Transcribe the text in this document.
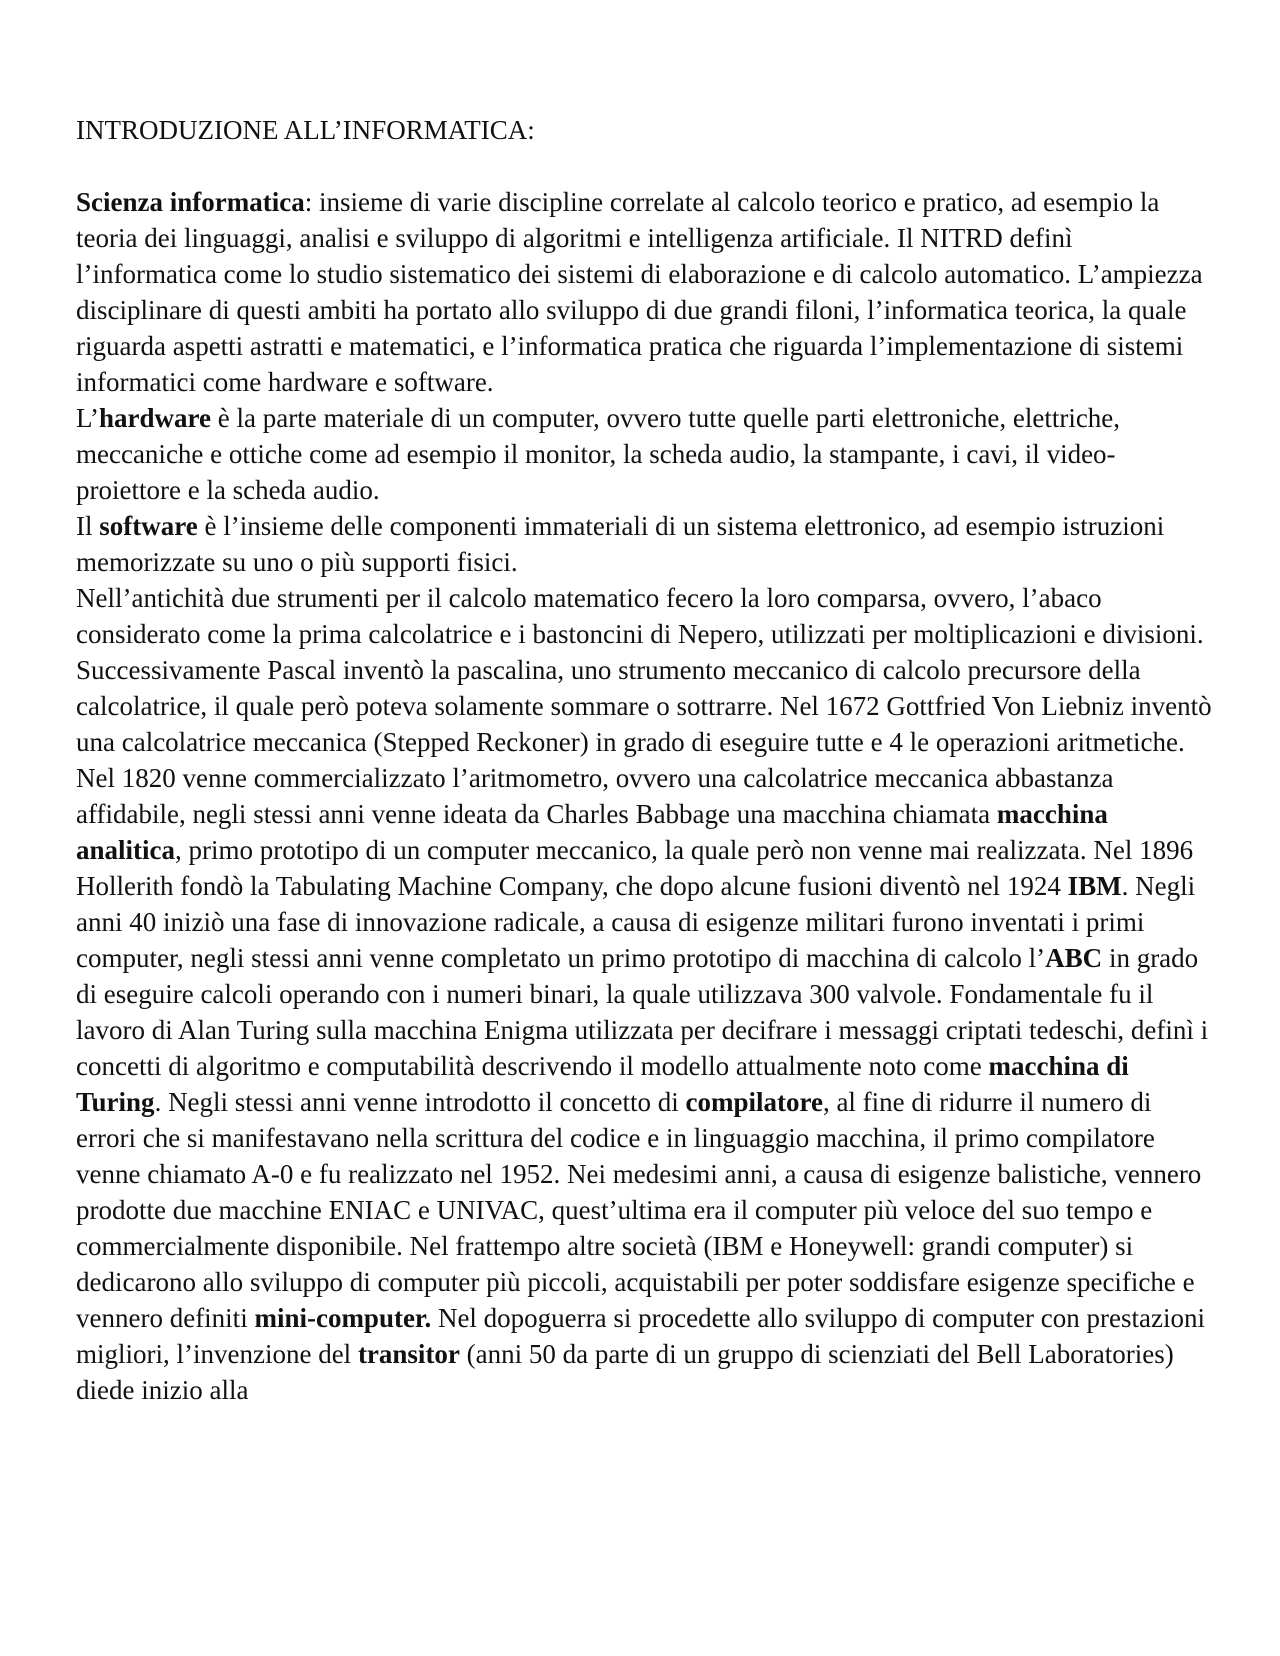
INTRODUZIONE ALL’INFORMATICA:

Scienza informatica: insieme di varie discipline correlate al calcolo teorico e pratico, ad esempio la teoria dei linguaggi, analisi e sviluppo di algoritmi e intelligenza artificiale. Il NITRD definì l’informatica come lo studio sistematico dei sistemi di elaborazione e di calcolo automatico. L’ampiezza disciplinare di questi ambiti ha portato allo sviluppo di due grandi filoni, l’informatica teorica, la quale riguarda aspetti astratti e matematici, e l’informatica pratica che riguarda l’implementazione di sistemi informatici come hardware e software.

L’hardware è la parte materiale di un computer, ovvero tutte quelle parti elettroniche, elettriche, meccaniche e ottiche come ad esempio il monitor, la scheda audio, la stampante, i cavi, il video-proiettore e la scheda audio.

Il software è l’insieme delle componenti immateriali di un sistema elettronico, ad esempio istruzioni memorizzate su uno o più supporti fisici.

Nell’antichità due strumenti per il calcolo matematico fecero la loro comparsa, ovvero, l’abaco considerato come la prima calcolatrice e i bastoncini di Nepero, utilizzati per moltiplicazioni e divisioni. Successivamente Pascal inventò la pascalina, uno strumento meccanico di calcolo precursore della calcolatrice, il quale però poteva solamente sommare o sottrarre. Nel 1672 Gottfried Von Liebniz inventò una calcolatrice meccanica (Stepped Reckoner) in grado di eseguire tutte e 4 le operazioni aritmetiche. Nel 1820 venne commercializzato l’aritmometro, ovvero una calcolatrice meccanica abbastanza affidabile, negli stessi anni venne ideata da Charles Babbage una macchina chiamata macchina analitica, primo prototipo di un computer meccanico, la quale però non venne mai realizzata. Nel 1896 Hollerith fondò la Tabulating Machine Company, che dopo alcune fusioni diventò nel 1924 IBM. Negli anni 40 iniziò una fase di innovazione radicale, a causa di esigenze militari furono inventati i primi computer, negli stessi anni venne completato un primo prototipo di macchina di calcolo l’ABC in grado di eseguire calcoli operando con i numeri binari, la quale utilizzava 300 valvole. Fondamentale fu il lavoro di Alan Turing sulla macchina Enigma utilizzata per decifrare i messaggi criptati tedeschi, definì i concetti di algoritmo e computabilità descrivendo il modello attualmente noto come macchina di Turing. Negli stessi anni venne introdotto il concetto di compilatore, al fine di ridurre il numero di errori che si manifestavano nella scrittura del codice e in linguaggio macchina, il primo compilatore venne chiamato A-0 e fu realizzato nel 1952. Nei medesimi anni, a causa di esigenze balistiche, vennero prodotte due macchine ENIAC e UNIVAC, quest’ultima era il computer più veloce del suo tempo e commercialmente disponibile. Nel frattempo altre società (IBM e Honeywell: grandi computer) si dedicarono allo sviluppo di computer più piccoli, acquistabili per poter soddisfare esigenze specifiche e vennero definiti mini-computer. Nel dopoguerra si procedette allo sviluppo di computer con prestazioni migliori, l’invenzione del transitor (anni 50 da parte di un gruppo di scienziati del Bell Laboratories) diede inizio alla
